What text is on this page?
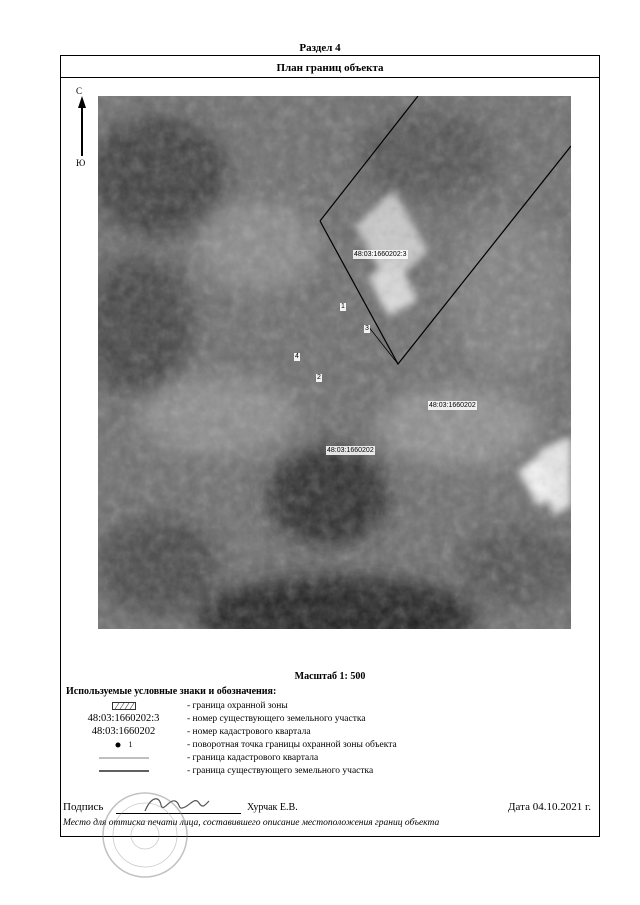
Раздел 4
План границ объекта
С
Ю
48:03:1660202:3
48:03:1660202
48:03:1660202
1
3
4
2
Масштаб 1: 500
Используемые условные знаки и обозначения:
- граница охранной зоны
48:03:1660202:3	- номер существующего земельного участка
48:03:1660202	- номер кадастрового квартала
1	- поворотная точка границы охранной зоны объекта
- граница кадастрового квартала
- граница существующего земельного участка
Подпись	Хурчак Е.В.	Дата 04.10.2021 г.
Место для оттиска печати лица, составившего описание местоположения границ объекта
